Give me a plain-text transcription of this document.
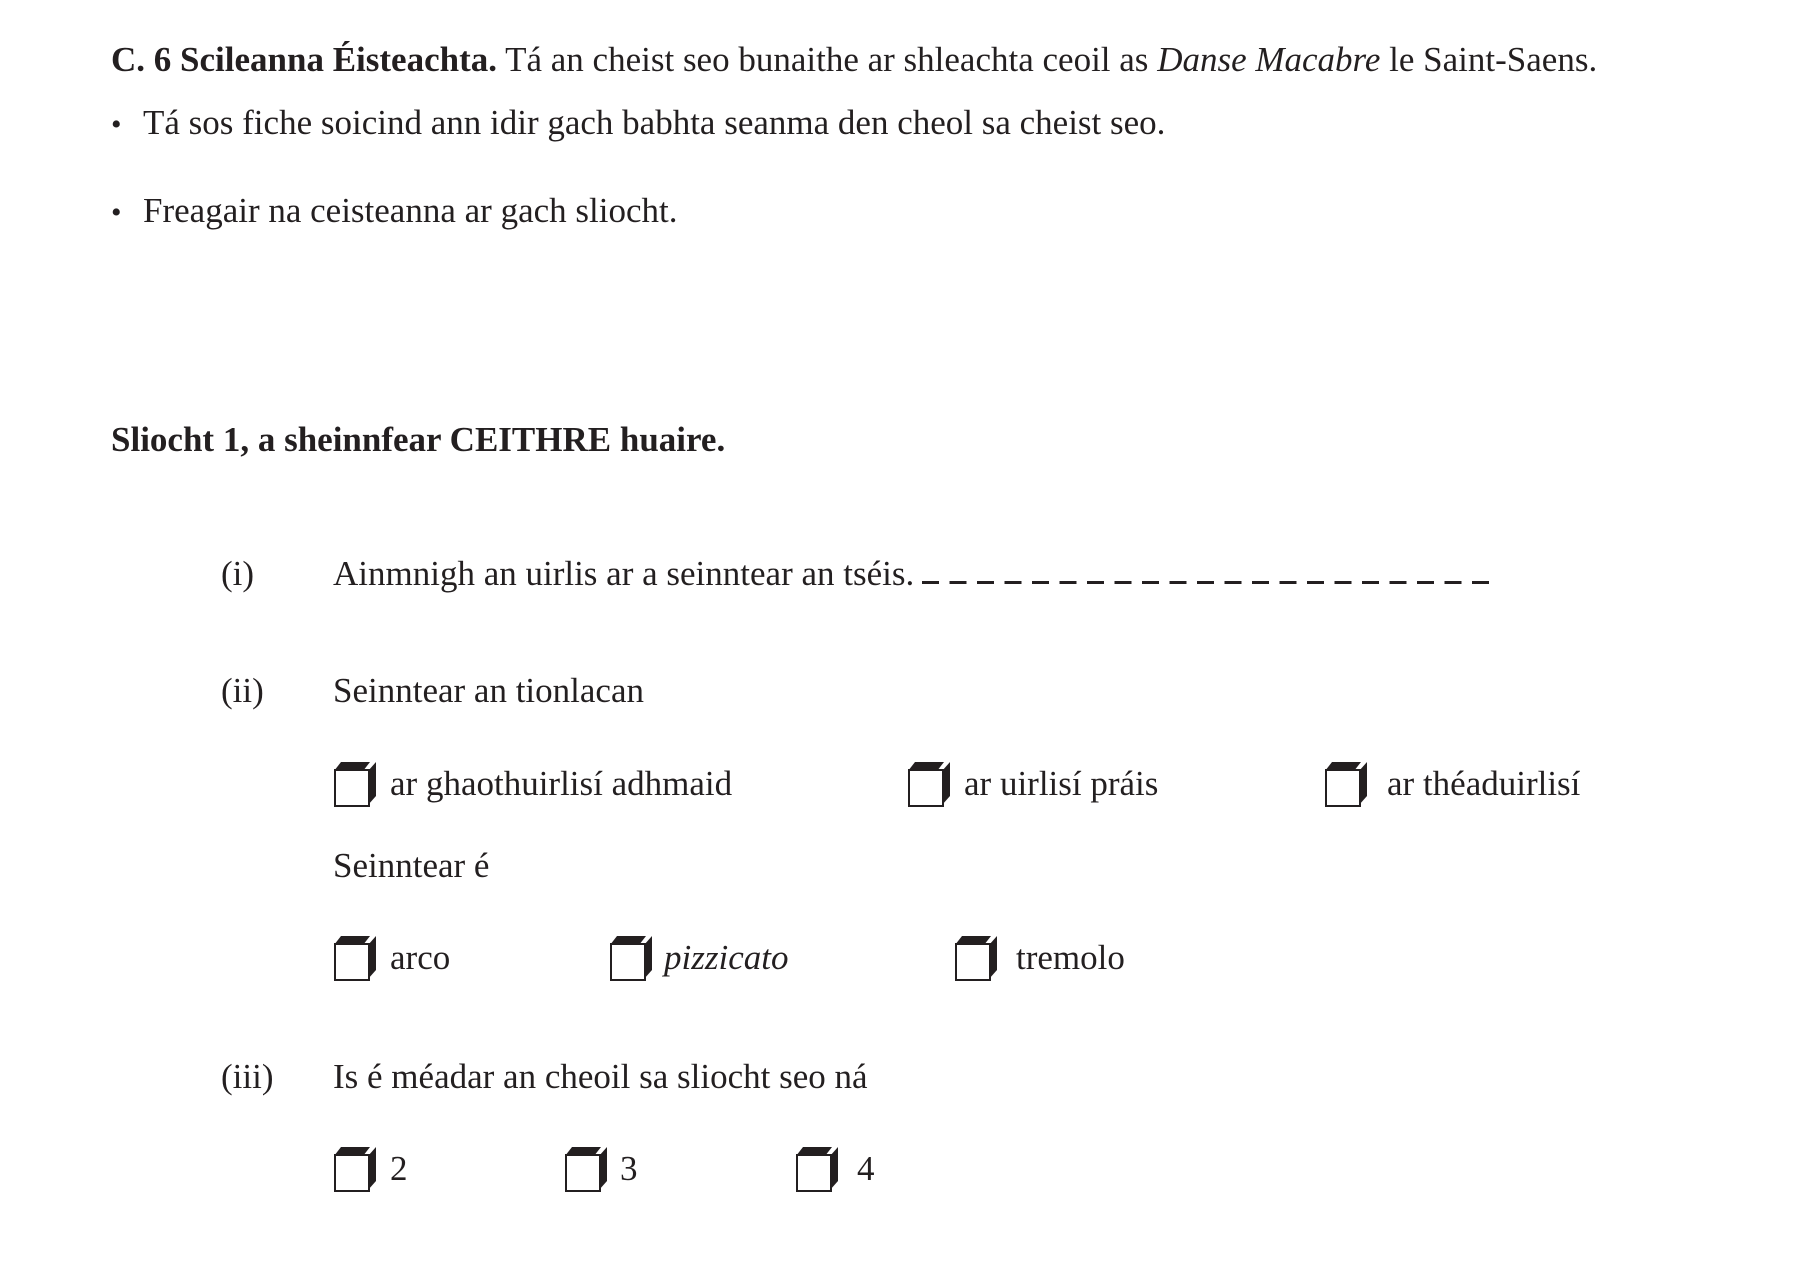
C. 6 Scileanna Éisteachta. Tá an cheist seo bunaithe ar shleachta ceoil as Danse Macabre le Saint-Saens.
• Tá sos fiche soicind ann idir gach babhta seanma den cheol sa cheist seo.
• Freagair na ceisteanna ar gach sliocht.
Sliocht 1, a sheinnfear CEITHRE huaire.
(i) Ainmnigh an uirlis ar a seinntear an tséis.
(ii) Seinntear an tionlacan
ar ghaothuirlisí adhmaid	ar uirlisí práis	ar théaduirlisí
Seinntear é
arco	pizzicato	tremolo
(iii) Is é méadar an cheoil sa sliocht seo ná
2	3	4
